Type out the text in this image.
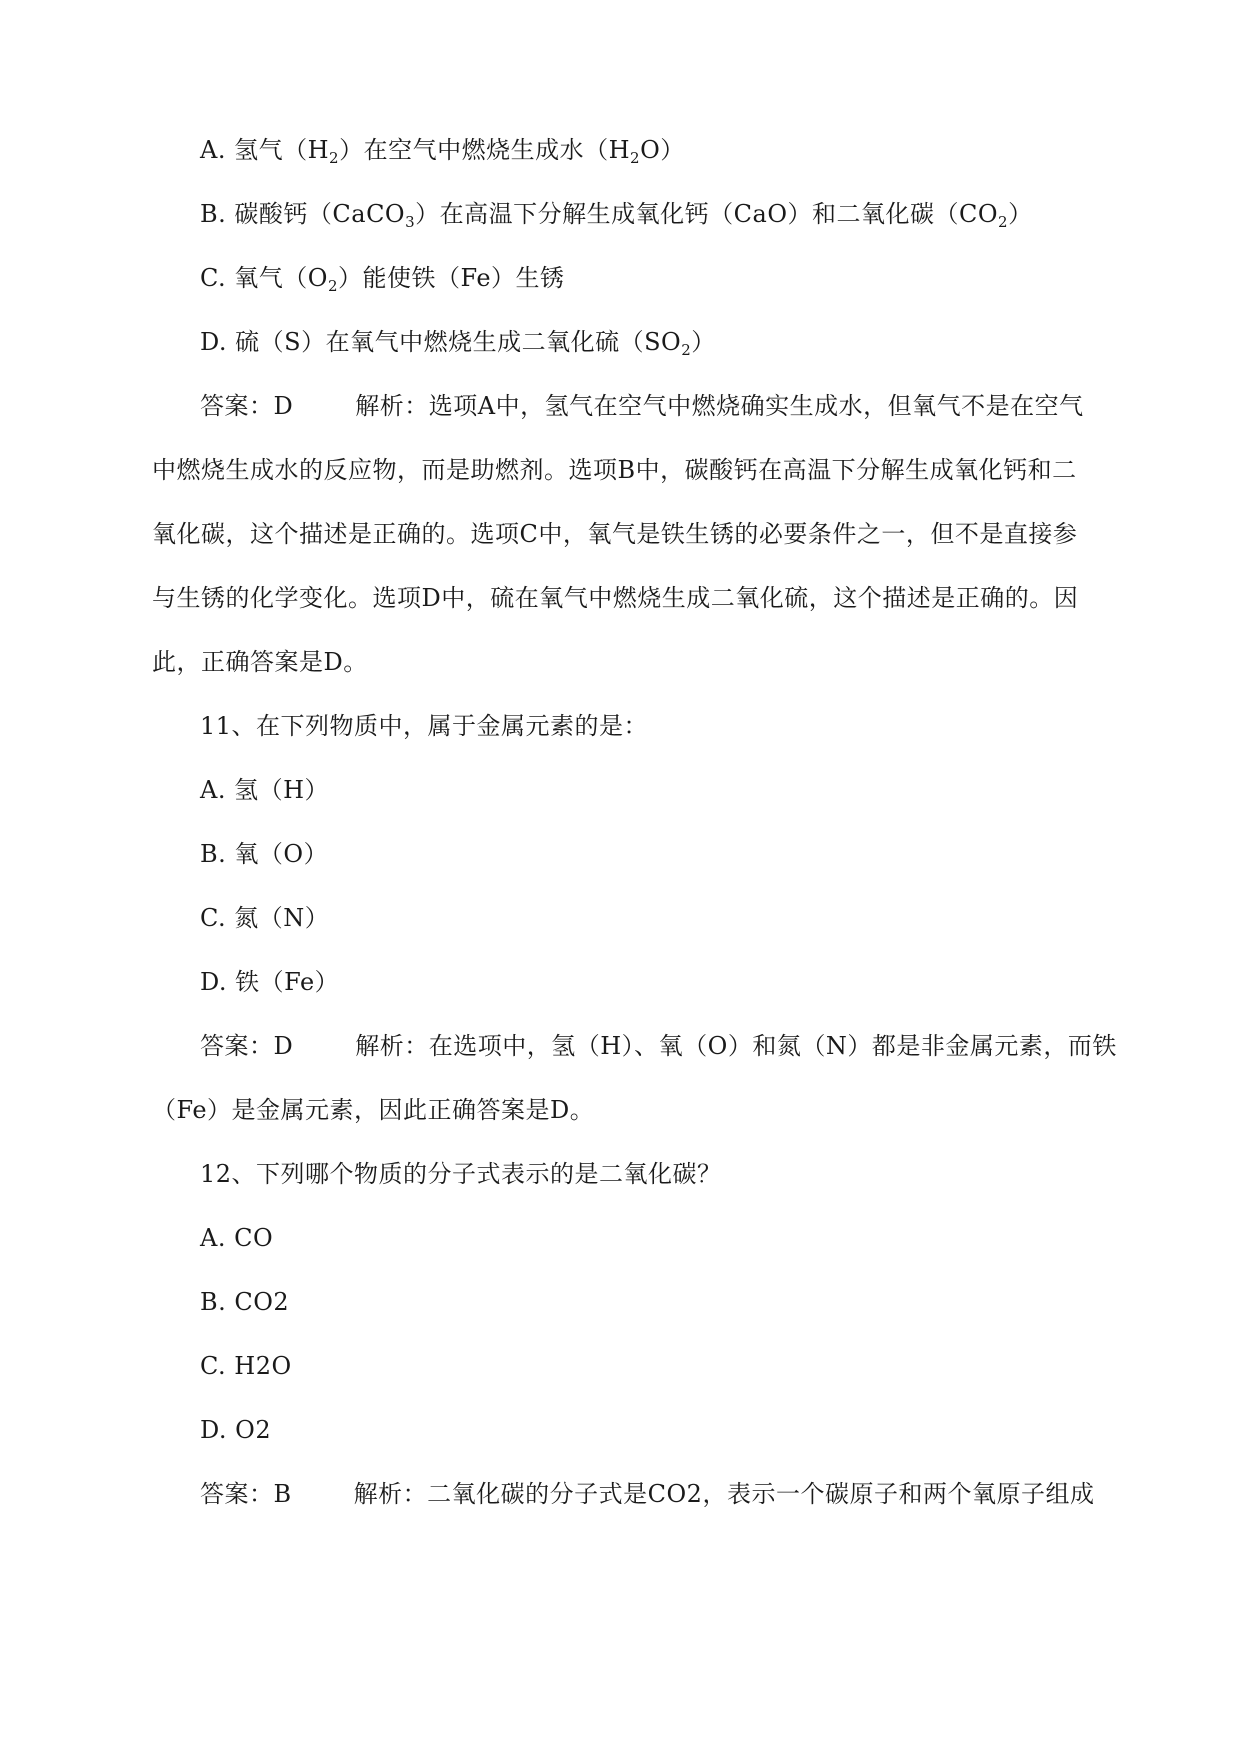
A. 氢气$(H_2)$在空气中燃烧生成水$(H_2O)$
B. 碳酸钙（CaCO$_3$）在高温下分解生成氧化钙（CaO）和二氧化碳$(CO_2)$
C. 氧气$(O_2)$能使铁（Fe）生锈
D. 硫（S）在氧气中燃烧生成二氧化硫$(SO_2)$
答案：D	解析：选项A中，氢气在空气中燃烧确实生成水，但氧气不是在空气
中燃烧生成水的反应物，而是助燃剂。选项B中，碳酸钙在高温下分解生成氧化钙和二
氧化碳，这个描述是正确的。选项C中，氧气是铁生锈的必要条件之一，但不是直接参
与生锈的化学变化。选项D中，硫在氧气中燃烧生成二氧化硫，这个描述是正确的。因
此，正确答案是D。
11、在下列物质中，属于金属元素的是：
A. 氢（H）
B. 氧（O）
C. 氮（N）
D. 铁（Fe）
答案：D	解析：在选项中，氢（H）、氧（O）和氮（N）都是非金属元素，而铁
（Fe）是金属元素，因此正确答案是D。
12、下列哪个物质的分子式表示的是二氧化碳？
A. CO
B. CO2
C. H2O
D. O2
答案：B	解析：二氧化碳的分子式是CO2，表示一个碳原子和两个氧原子组成
